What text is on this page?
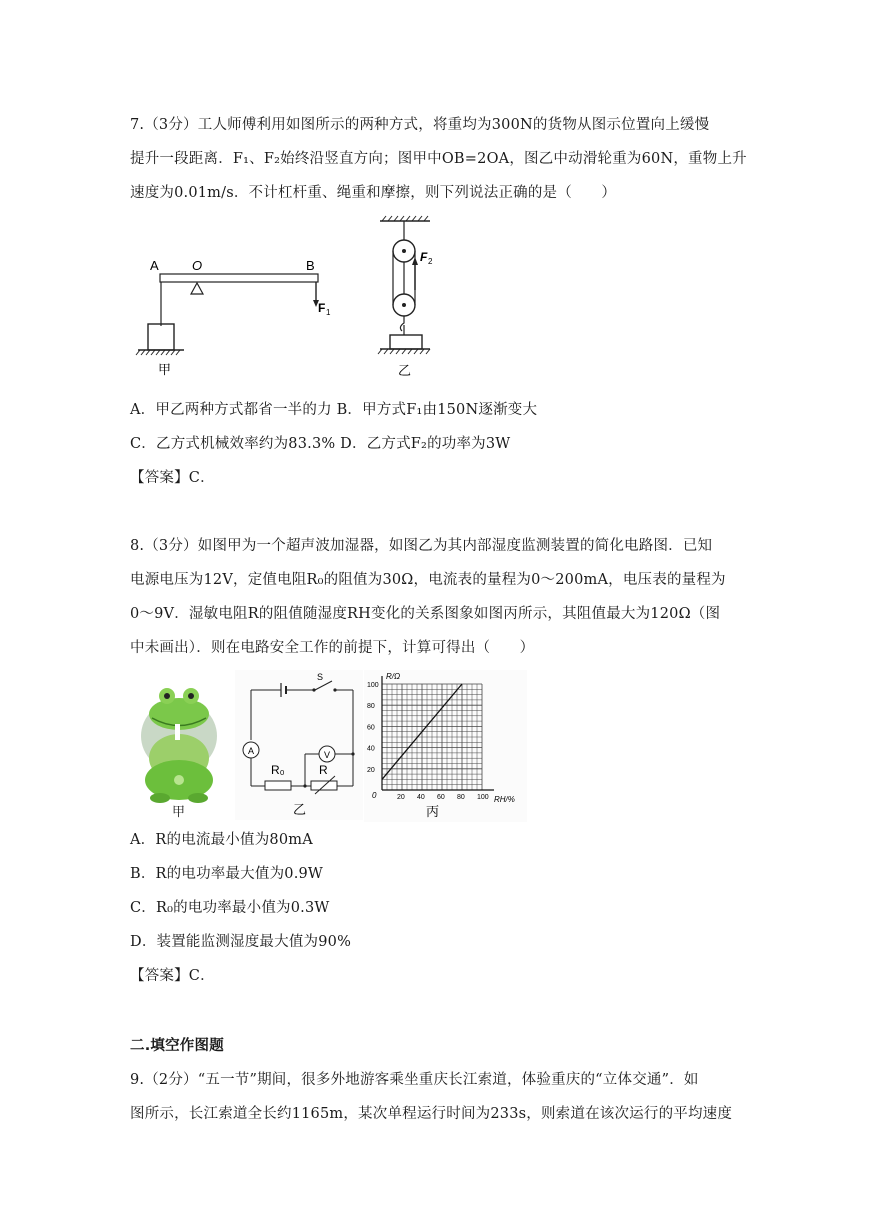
7.（3分）工人师傅利用如图所示的两种方式，将重均为300N的货物从图示位置向上缓慢
提升一段距离．F₁、F₂始终沿竖直方向；图甲中OB=2OA，图乙中动滑轮重为60N，重物上升
速度为0.01m/s．不计杠杆重、绳重和摩擦，则下列说法正确的是（　　）
A	O	B
F 1
甲
F 2
乙
A．甲乙两种方式都省一半的力 B．甲方式F₁由150N逐渐变大
C．乙方式机械效率约为83.3% D．乙方式F₂的功率为3W
【答案】C．
8.（3分）如图甲为一个超声波加湿器，如图乙为其内部湿度监测装置的简化电路图．已知
电源电压为12V，定值电阻R₀的阻值为30Ω，电流表的量程为0～200mA，电压表的量程为
0～9V．湿敏电阻R的阻值随湿度RH变化的关系图象如图丙所示，其阻值最大为120Ω（图
中未画出）．则在电路安全工作的前提下，计算可得出（　　）
甲
S
A
R₀	R
V
乙
20 40 60 80 100
20
40
60
80
100
R/Ω
RH/%
0
丙
A．R的电流最小值为80mA
B．R的电功率最大值为0.9W
C．R₀的电功率最小值为0.3W
D．装置能监测湿度最大值为90%
【答案】C．
二.填空作图题
9.（2分）“五一节”期间，很多外地游客乘坐重庆长江索道，体验重庆的“立体交通”．如
图所示，长江索道全长约1165m，某次单程运行时间为233s，则索道在该次运行的平均速度
